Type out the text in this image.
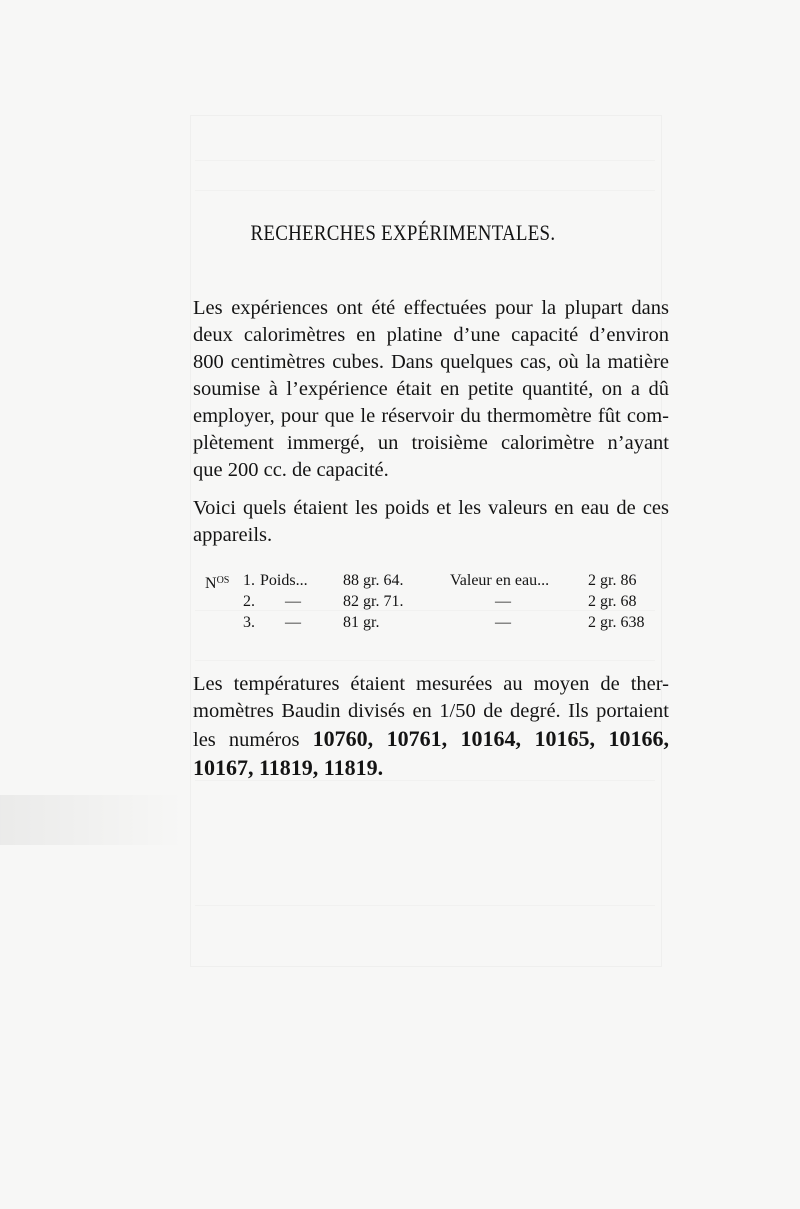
RECHERCHES EXPÉRIMENTALES.
Les expériences ont été effectuées pour la plupart dans
deux calorimètres en platine d’une capacité d’environ
800 centimètres cubes. Dans quelques cas, où la matière
soumise à l’expérience était en petite quantité, on a dû
employer, pour que le réservoir du thermomètre fût com-
plètement immergé, un troisième calorimètre n’ayant
que 200 cc. de capacité.
Voici quels étaient les poids et les valeurs en eau de ces
appareils.
$N^{OS}$ 1. Poids... 88 gr. 64.	Valeur en eau... 2 gr. 86
2. —	82 gr. 71.	—	2 gr. 68
3. —	81 gr.	—	2 gr. 638
Les températures étaient mesurées au moyen de ther-
momètres Baudin divisés en 1/50 de degré. Ils portaient
les numéros 10760, 10761, 10164, 10165, 10166,
10167, 11819, 11819.
